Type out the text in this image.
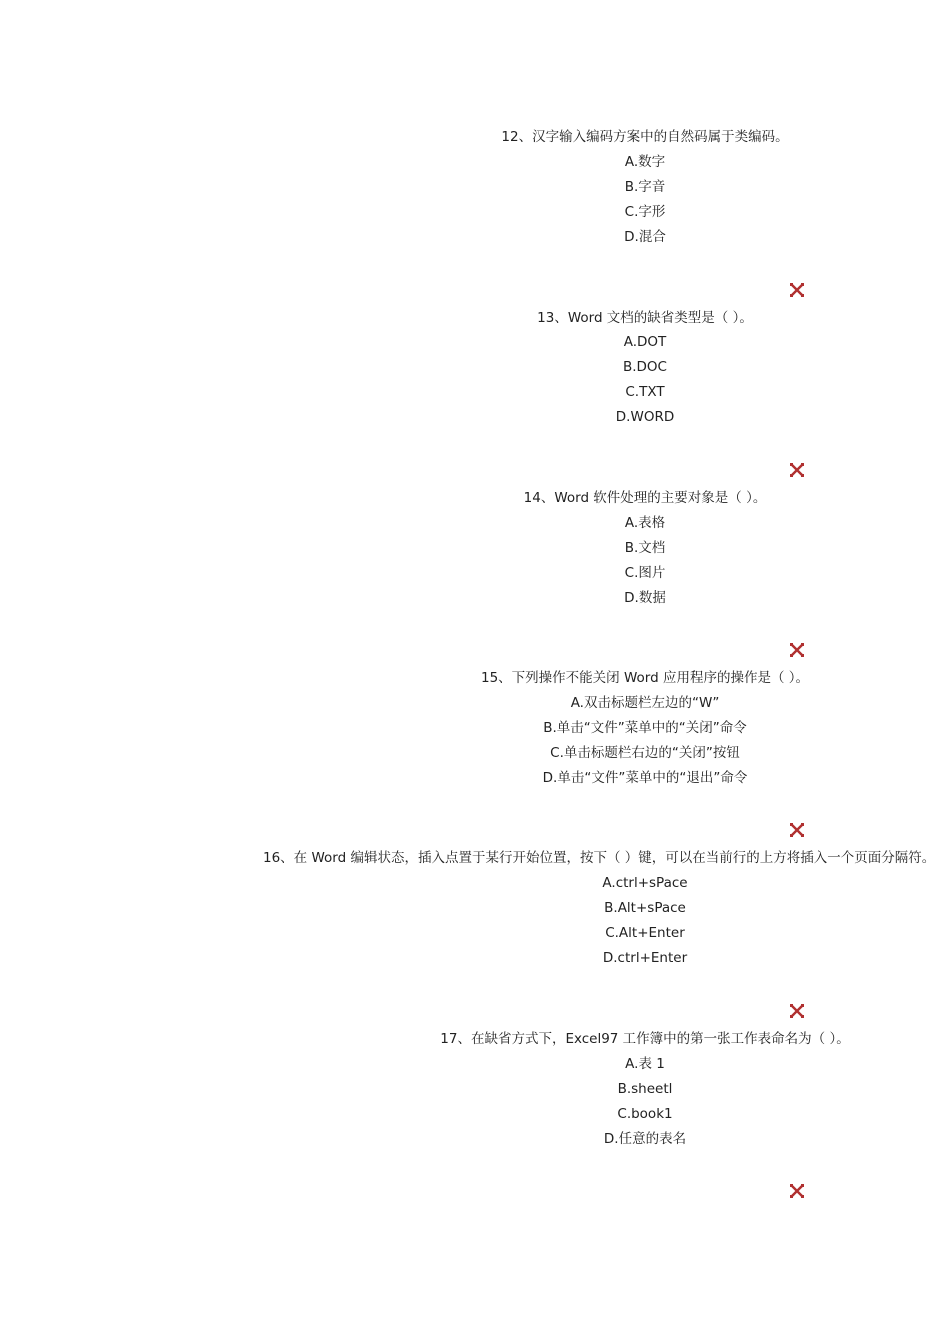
12、汉字输入编码方案中的自然码属于类编码。
A.数字
B.字音
C.字形
D.混合
13、Word 文档的缺省类型是（ ）。
A.DOT
B.DOC
C.TXT
D.WORD
14、Word 软件处理的主要对象是（ ）。
A.表格
B.文档
C.图片
D.数据
15、下列操作不能关闭 Word 应用程序的操作是（ ）。
A.双击标题栏左边的“W”
B.单击“文件”菜单中的“关闭”命令
C.单击标题栏右边的“关闭”按钮
D.单击“文件”菜单中的“退出”命令
16、在 Word 编辑状态，插入点置于某行开始位置，按下（ ）键，可以在当前行的上方将插入一个页面分隔符。
A.ctrl+sPace
B.Alt+sPace
C.Alt+Enter
D.ctrl+Enter
17、在缺省方式下，Excel97 工作簿中的第一张工作表命名为（ ）。
A.表 1
B.sheetl
C.book1
D.任意的表名
